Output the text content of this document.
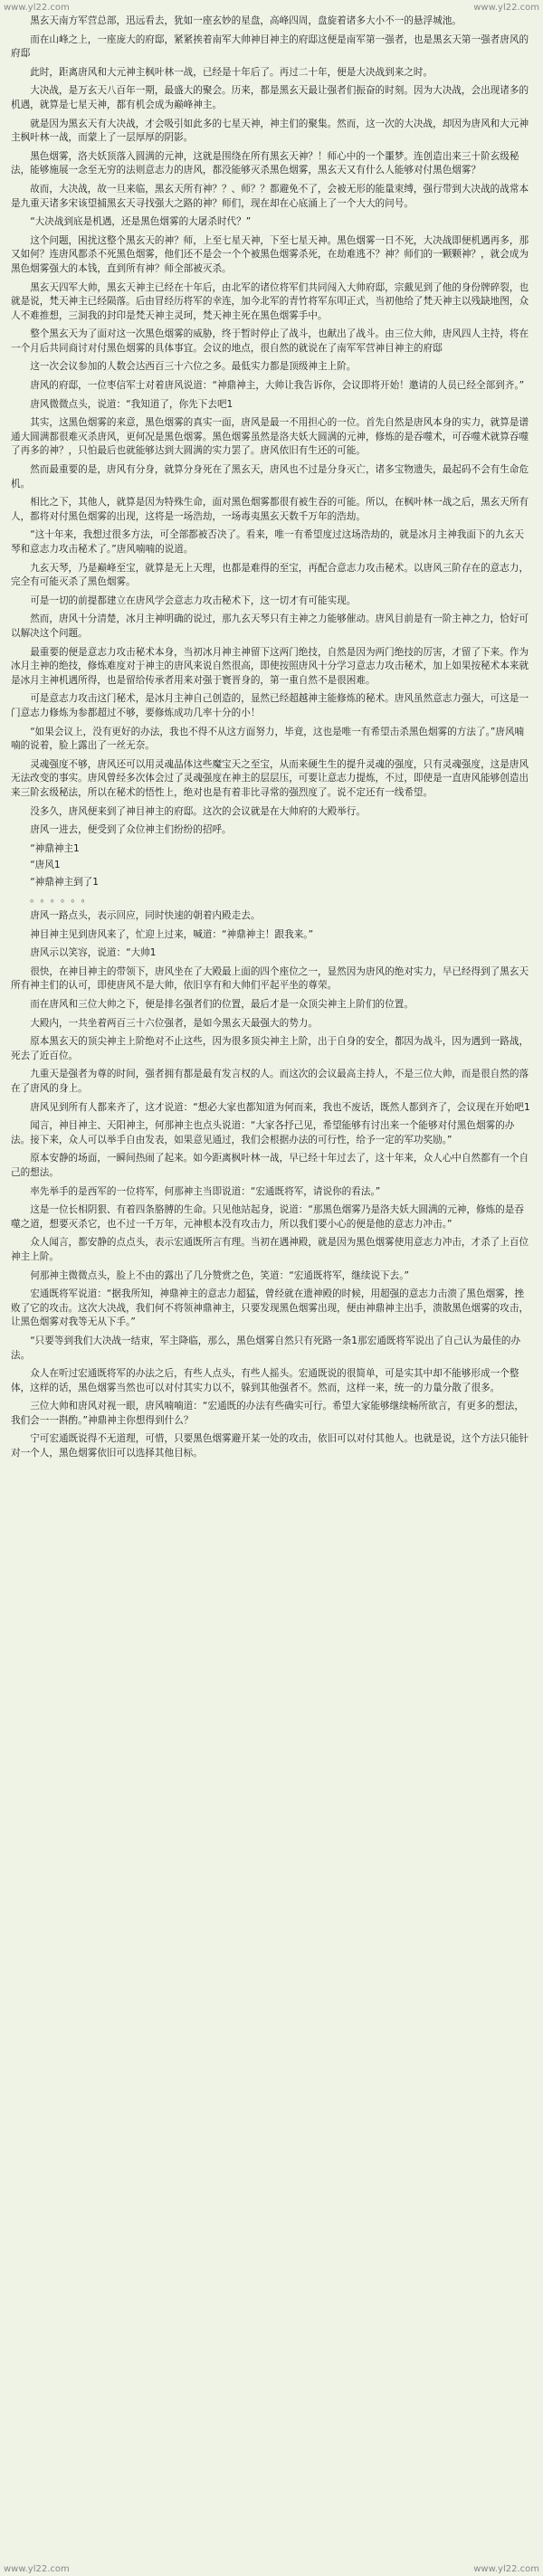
www.yl22.com	www.yl22.com

黑玄天南方军营总部，迅远看去，犹如一座玄妙的星盘，高峰四周，盘旋着诸多大小不一的悬浮城池。

而在山峰之上，一座庞大的府邸，紧紧挨着南军大帅神目神主的府邸这便是南军第一强者，也是黑玄天第一强者唐风的府邸

此时，距离唐风和大元神主枫叶林一战，已经是十年后了。再过二十年，便是大决战到来之时。

大决战，是万玄天八百年一期，最盛大的聚会。历来，都是黑玄天最让强者们振奋的时刻。因为大决战，会出现诸多的机遇，就算是七星天神，都有机会成为巅峰神主。

就是因为黑玄天有大决战，才会吸引如此多的七星天神，神主们的聚集。然而，这一次的大决战，却因为唐风和大元神主枫叶林一战，而蒙上了一层厚厚的阴影。

黑色烟雾，洛夫妖顶落入圆满的元神，这就是围绕在所有黑玄天神？！师心中的一个噩梦。连创造出来三十阶玄级秘法，能够施展一念至无穷的法则意志力的唐风，都没能够灭杀黑色烟雾，黑玄天又有什么人能够对付黑色烟雾？

故而，大决战，故一旦来临，黑玄天所有神？？、师？？都避免不了，会被无形的能量束缚，强行带到大决战的战常本是九重天诸多宋该望捕黑玄天寻找强大之路的神？师们，现在却在心底涌上了一个大大的问号。

“大决战到底是机遇，还是黑色烟雾的大屠杀时代？”

这个问题，困扰这整个黑玄天的神？师，上至七星天神，下至七星天神。黑色烟雾一日不死，大决战即便机遇再多，那又如何？连唐风都杀不死黑色烟雾，他们还不是会一个个被黑色烟雾杀死，在劫难逃不？神？师们的一颗颗神？，就会成为黑色烟雾强大的本钱，直到所有神？师全部被灭杀。

黑玄天四军大帅，黑玄天神主已经在十年后，由北军的诸位将军们共同闯入大帅府邸，宗戴见到了他的身份牌碎裂，也就是说，梵天神主已经陨落。后由冒经历将军的幸连，加今北军的青竹将军东叩正式，当初他给了梵天神主以残缺地图，众人不难推想，三洞我的封印是梵天神主灵珂，梵天神主死在黑色烟雾手中。

整个黑玄天为了面对这一次黑色烟雾的威胁，终于暂时停止了战斗，也献出了战斗。由三位大帅，唐风四人主持，将在一个月后共同商讨对付黑色烟雾的具体事宜。会议的地点，很自然的就说在了南军军营神目神主的府邸

这一次会议参加的人数会达西百三十六位之多。最低实力都是顶级神主上阶。

唐风的府邸，一位枣信军士对着唐风说道：“神鼎神主，大帅让我告诉你，会议即将开始！邀请的人员已经全部到齐。”

唐风微微点头，说道：“我知道了，你先下去吧1

其实，这黑色烟雾的来意，黑色烟雾的真实一面，唐风是最一不用担心的一位。首先自然是唐风本身的实力，就算是谱通大圆满都很难灭杀唐风，更何况是黑色烟雾。黑色烟雾虽然是洛夫妖大圆满的元神，修炼的是吞噬术，可吞噬术就算吞噬了再多的神？，只怕最后也就能够达到大圆满的实力罢了。唐风依旧有生还的可能。

然而最重要的是，唐风有分身，就算分身死在了黑玄天，唐风也不过是分身灭亡，诸多宝物遗失，最起码不会有生命危机。

相比之下，其他人，就算是因为特殊生命，面对黑色烟雾都很有被生吞的可能。所以，在枫叶林一战之后，黑玄天所有人，都将对付黑色烟雾的出现，这将是一场浩劫，一场毒夷黑玄天数千万年的浩劫。

“这十年来，我想过很多方法，可全部都被否决了。看来，唯一有希望度过这场浩劫的，就是冰月主神我面下的九玄天琴和意志力攻击秘术了。”唐风喃喃的说道。

九玄天琴，乃是巅峰至宝，就算是无上天理，也都是难得的至宝，再配合意志力攻击秘术。以唐风三阶存在的意志力，完全有可能灭杀了黑色烟雾。

可是一切的前提都建立在唐风学会意志力攻击秘术下，这一切才有可能实现。

然而，唐风十分清楚，冰月主神明确的说过，那九玄天琴只有主神之力能够催动。唐风目前是有一阶主神之力，恰好可以解决这个问题。

最重要的便是意志力攻击秘术本身，当初冰月神主神留下这两门绝技，自然是因为两门绝技的厉害，才留了下来。作为冰月主神的绝技，修炼难度对于神主的唐风来说自然很高，即使按照唐风十分学习意志力攻击秘术，加上如果按秘术本来就是冰月主神机遇所得，也是留给传承者用来对强于寰晋身的，第一重自然不是很困难。

可是意志力攻击这门秘术，是冰月主神自己创造的，显然已经超越神主能修炼的秘术。唐风虽然意志力强大，可这是一门意志力修炼为参都超过不够，要修炼成功几率十分的小！

“如果会议上，没有更好的办法，我也不得不从这方面努力，毕竟，这也是唯一有希望击杀黑色烟雾的方法了。”唐风喃喃的说着，脸上露出了一丝无奈。

灵魂强度不够，唐风还可以用灵魂晶体这些魔宝天之至宝，从而来硬生生的提升灵魂的强度，只有灵魂强度，这是唐风无法改变的事实。唐风曾经多次体会过了灵魂强度在神主的层层压，可要让意志力提炼，不过，即使是一直唐风能够创造出来三阶玄级秘法，所以在秘术的悟性上，绝对也是有着非比寻常的强烈度了。说不定还有一线希望。

没多久，唐风便来到了神目神主的府邸。这次的会议就是在大帅府的大殿举行。

唐风一进去，便受到了众位神主们纷纷的招呼。

“神鼎神主1

“唐风1

“神鼎神主到了1

。。。。。。

唐风一路点头，表示回应，同时快速的朝着内殿走去。

神目神主见到唐风来了，忙迎上过来，喊道：“神鼎神主！跟我来。”

唐风示以笑容，说道：“大帅1

很快，在神目神主的带领下，唐风坐在了大殿最上面的四个座位之一，显然因为唐风的绝对实力，早已经得到了黑玄天所有神主们的认可，即使唐风不是大帅，依旧享有和大帅们平起平坐的尊荣。

而在唐风和三位大帅之下，便是排名强者们的位置，最后才是一众顶尖神主上阶们的位置。

大殿内，一共坐着两百三十六位强者，是如今黑玄天最强大的势力。

原本黑玄天的顶尖神主上阶绝对不止这些，因为很多顶尖神主上阶，出于自身的安全，都因为战斗，因为遇到一路战，死去了近百位。

九重天是强者为尊的时间，强者拥有都是最有发言权的人。而这次的会议最高主持人，不是三位大帅，而是很自然的落在了唐风的身上。

唐风见到所有人都来齐了，这才说道：“想必大家也都知道为何而来，我也不废话，既然人都到齐了，会议现在开始吧1

闻言，神目神主、天阳神主，何那神主也点头说道：“大家各抒己见，希望能够有讨出来一个能够对付黑色烟雾的办法。接下来，众人可以举手自由发表，如果意见通过，我们会根据办法的可行性，给予一定的军功奖励。”

原本安静的场面，一瞬间热闹了起来。如今距离枫叶林一战，早已经十年过去了，这十年来，众人心中自然都有一个自己的想法。

率先举手的是西军的一位将军，何那神主当即说道：“宏通既将军，请说你的看法。”

这是一位长相阴狠、有着四条胳膊的生命。只见他站起身，说道：“那黑色烟雾乃是洛夫妖大圆满的元神，修炼的是吞噬之道，想要灭杀它，也不过一千万年，元神根本没有攻击力，所以我们要小心的便是他的意志力冲击。”

众人闻言，都安静的点点头，表示宏通既所言有理。当初在遇神殿，就是因为黑色烟雾使用意志力冲击，才杀了上百位神主上阶。

何那神主微微点头，脸上不由的露出了几分赞赏之色，笑道：“宏通既将军，继续说下去。”

宏通既将军说道：“据我所知，神鼎神主的意志力超猛，曾经就在遗神殿的时候，用超强的意志力击溃了黑色烟雾，挫败了它的攻击。这次大决战，我们何不将领神鼎神主，只要发现黑色烟雾出现，便由神鼎神主出手，溃散黑色烟雾的攻击，让黑色烟雾对我等无从下手。”

“只要等到我们大决战一结束，军主降临，那么，黑色烟雾自然只有死路一条1那宏通既将军说出了自己认为最佳的办法。

众人在听过宏通既将军的办法之后，有些人点头，有些人摇头。宏通既说的很简单，可是实其中却不能够形成一个整体，这样的话，黑色烟雾当然也可以对付其实力以不，躲到其他强者不。然而，这样一来，统一的力量分散了很多。

三位大帅和唐风对视一眼，唐风喃喃道：“宏通既的办法有些确实可行。希望大家能够继续畅所欲言，有更多的想法，我们会一一斟酌。”神鼎神主你想得到什么？

宁可宏通既说得不无道理，可惜，只要黑色烟雾避开某一处的攻击，依旧可以对付其他人。也就是说，这个方法只能针对一个人，黑色烟雾依旧可以选择其他目标。

www.yl22.com	www.yl22.com
